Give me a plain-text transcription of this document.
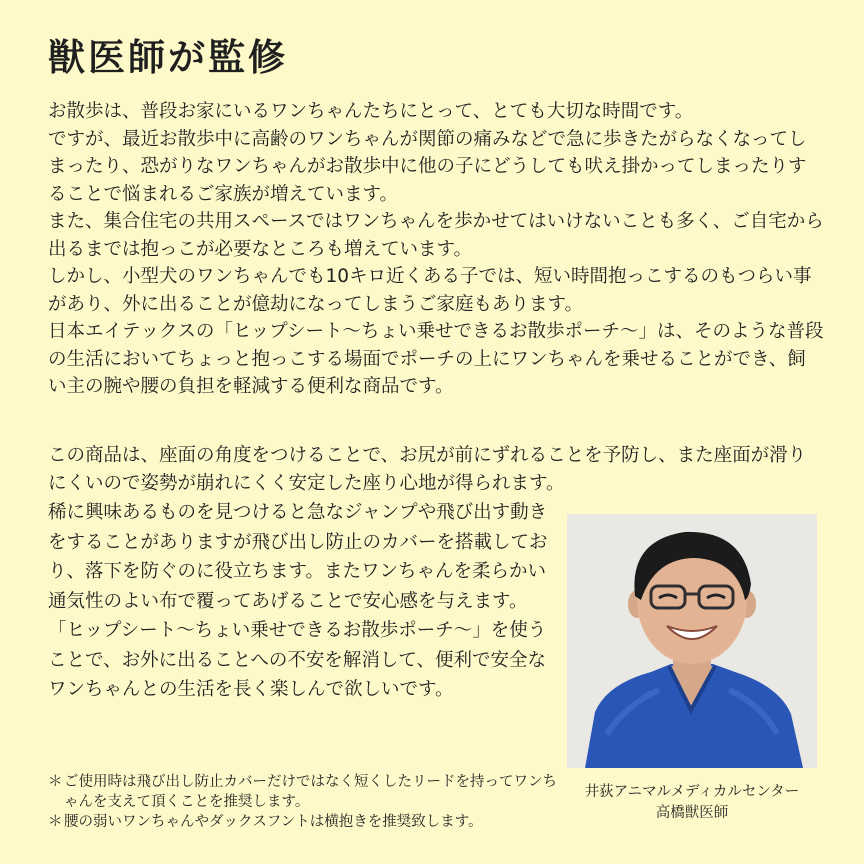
獣医師が監修

お散歩は、普段お家にいるワンちゃんたちにとって、とても大切な時間です。

ですが、最近お散歩中に高齢のワンちゃんが関節の痛みなどで急に歩きたがらなくなってしまったり、恐がりなワンちゃんがお散歩中に他の子にどうしても吠え掛かってしまったりすることで悩まれるご家族が増えています。

また、集合住宅の共用スペースではワンちゃんを歩かせてはいけないことも多く、ご自宅から出るまでは抱っこが必要なところも増えています。

しかし、小型犬のワンちゃんでも10キロ近くある子では、短い時間抱っこするのもつらい事があり、外に出ることが億劫になってしまうご家庭もあります。

日本エイテックスの「ヒップシート〜ちょい乗せできるお散歩ポーチ〜」は、そのような普段の生活においてちょっと抱っこする場面でポーチの上にワンちゃんを乗せることができ、飼い主の腕や腰の負担を軽減する便利な商品です。

この商品は、座面の角度をつけることで、お尻が前にずれることを予防し、また座面が滑りにくいので姿勢が崩れにくく安定した座り心地が得られます。

稀に興味あるものを見つけると急なジャンプや飛び出す動きをすることがありますが飛び出し防止のカバーを搭載しており、落下を防ぐのに役立ちます。またワンちゃんを柔らかい通気性のよい布で覆ってあげることで安心感を与えます。

「ヒップシート〜ちょい乗せできるお散歩ポーチ〜」を使うことで、お外に出ることへの不安を解消して、便利で安全なワンちゃんとの生活を長く楽しんで欲しいです。

＊ ご使用時は飛び出し防止カバーだけではなく短くしたリードを持ってワンちゃんを支えて頂くことを推奨します。
＊ 腰の弱いワンちゃんやダックスフントは横抱きを推奨致します。
井荻アニマルメディカルセンター
高橋獣医師
